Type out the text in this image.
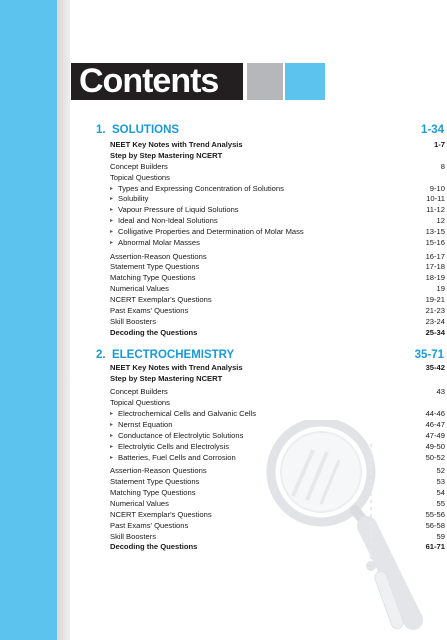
Contents
1. SOLUTIONS	1-34
NEET Key Notes with Trend Analysis	1-7
Step by Step Mastering NCERT
Concept Builders	8
Topical Questions
▸ Types and Expressing Concentration of Solutions	9-10
▸ Solubility	10-11
▸ Vapour Pressure of Liquid Solutions	11-12
▸ Ideal and Non-Ideal Solutions	12
▸ Colligative Properties and Determination of Molar Mass	13-15
▸ Abnormal Molar Masses	15-16
Assertion-Reason Questions	16-17
Statement Type Questions	17-18
Matching Type Questions	18-19
Numerical Values	19
NCERT Exemplar's Questions	19-21
Past Exams' Questions	21-23
Skill Boosters	23-24
Decoding the Questions	25-34
2. ELECTROCHEMISTRY	35-71
NEET Key Notes with Trend Analysis	35-42
Step by Step Mastering NCERT
Concept Builders	43
Topical Questions
▸ Electrochemical Cells and Galvanic Cells	44-46
▸ Nernst Equation	46-47
▸ Conductance of Electrolytic Solutions	47-49
▸ Electrolytic Cells and Electrolysis	49-50
▸ Batteries, Fuel Cells and Corrosion	50-52
Assertion-Reason Questions	52
Statement Type Questions	53
Matching Type Questions	54
Numerical Values	55
NCERT Exemplar's Questions	55-56
Past Exams' Questions	56-58
Skill Boosters	59
Decoding the Questions	61-71
